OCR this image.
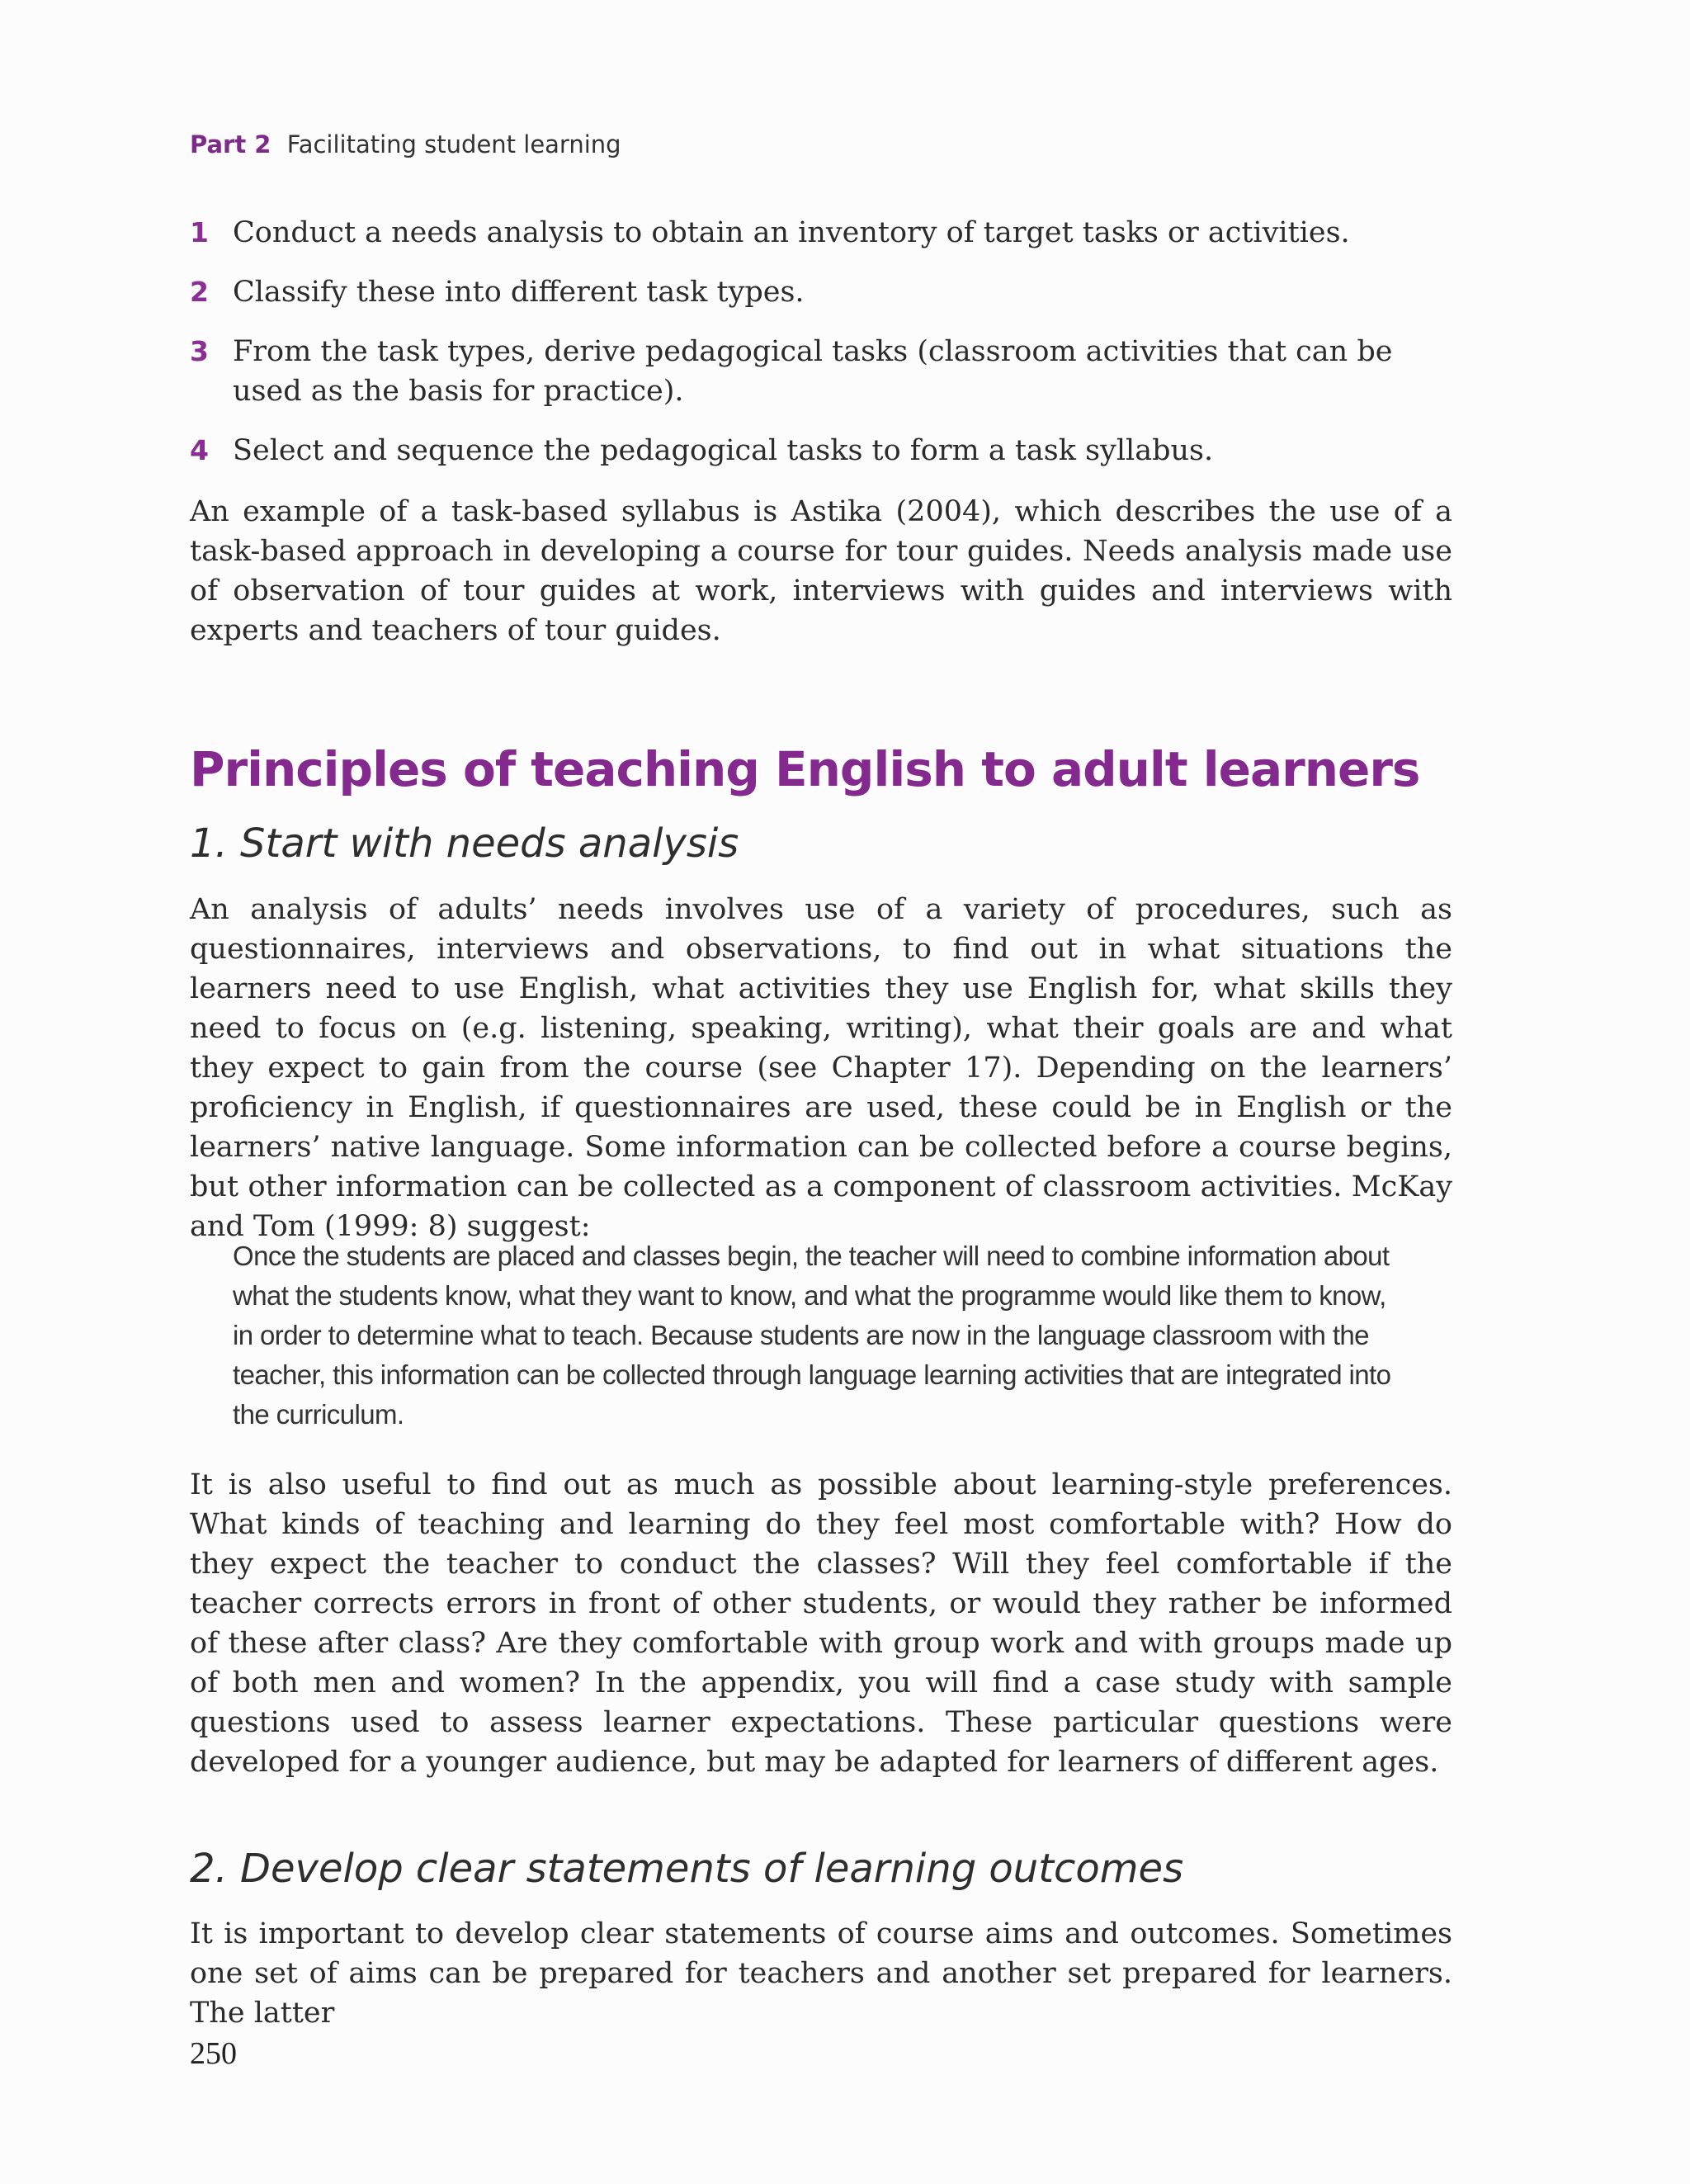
Part 2 Facilitating student learning
1 Conduct a needs analysis to obtain an inventory of target tasks or activities.
2 Classify these into different task types.
3 From the task types, derive pedagogical tasks (classroom activities that can be used as the basis for practice).
4 Select and sequence the pedagogical tasks to form a task syllabus.

An example of a task-based syllabus is Astika (2004), which describes the use of a task-based approach in developing a course for tour guides. Needs analysis made use of observation of tour guides at work, interviews with guides and interviews with experts and teachers of tour guides.

Principles of teaching English to adult learners
1. Start with needs analysis

An analysis of adults’ needs involves use of a variety of procedures, such as questionnaires, interviews and observations, to find out in what situations the learners need to use English, what activities they use English for, what skills they need to focus on (e.g. listening, speaking, writing), what their goals are and what they expect to gain from the course (see Chapter 17). Depending on the learners’ proficiency in English, if questionnaires are used, these could be in English or the learners’ native language. Some information can be collected before a course begins, but other information can be collected as a component of classroom activities. McKay and Tom (1999: 8) suggest:

Once the students are placed and classes begin, the teacher will need to combine information about what the students know, what they want to know, and what the programme would like them to know, in order to determine what to teach. Because students are now in the language classroom with the teacher, this information can be collected through language learning activities that are integrated into the curriculum.

It is also useful to find out as much as possible about learning-style preferences. What kinds of teaching and learning do they feel most comfortable with? How do they expect the teacher to conduct the classes? Will they feel comfortable if the teacher corrects errors in front of other students, or would they rather be informed of these after class? Are they comfortable with group work and with groups made up of both men and women? In the appendix, you will find a case study with sample questions used to assess learner expectations. These particular questions were developed for a younger audience, but may be adapted for learners of different ages.

2. Develop clear statements of learning outcomes

It is important to develop clear statements of course aims and outcomes. Sometimes one set of aims can be prepared for teachers and another set prepared for learners. The latter

250
